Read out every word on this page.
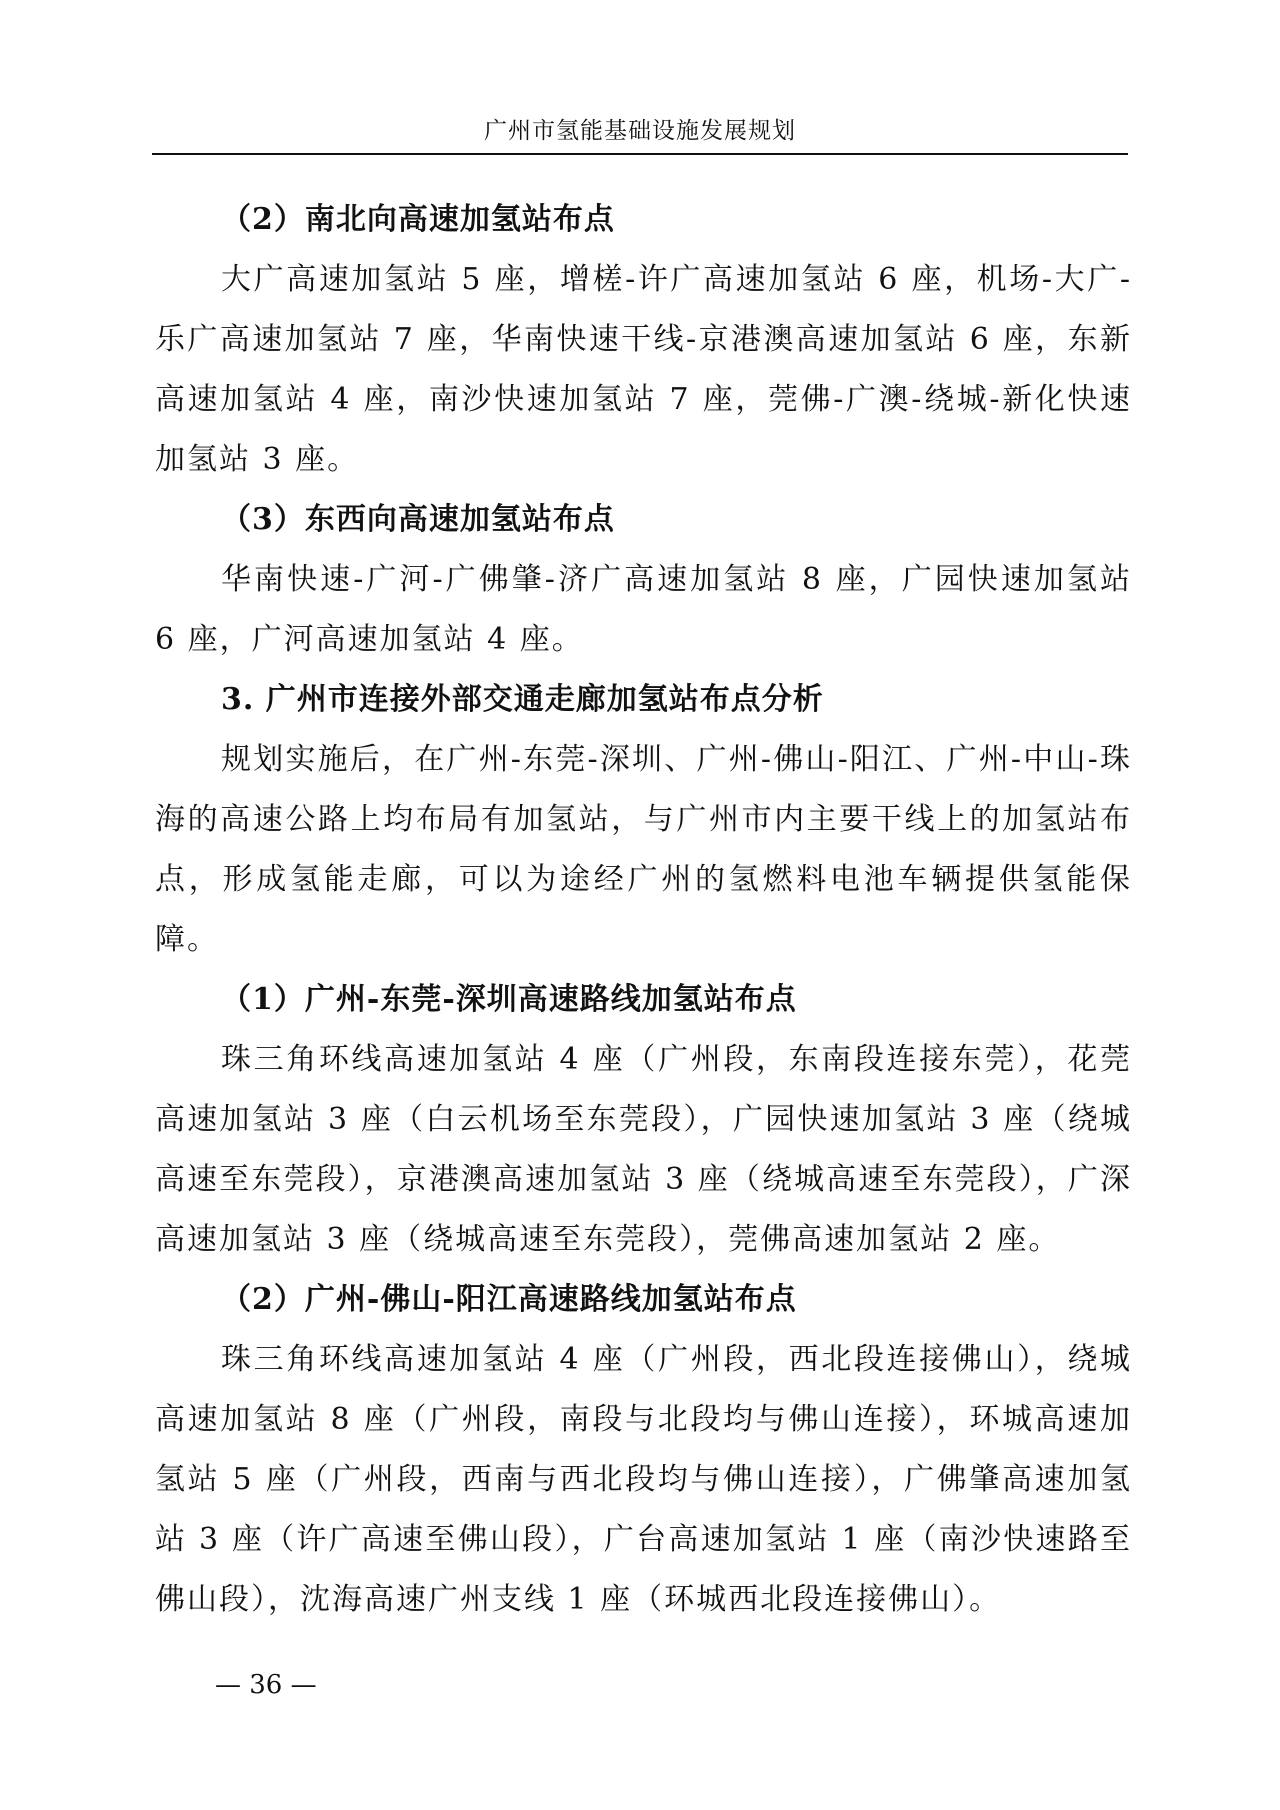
广州市氢能基础设施发展规划
（2）南北向高速加氢站布点

大广高速加氢站 5 座，增槎-许广高速加氢站 6 座，机场-大广-乐广高速加氢站 7 座，华南快速干线-京港澳高速加氢站 6 座，东新高速加氢站 4 座，南沙快速加氢站 7 座，莞佛-广澳-绕城-新化快速加氢站 3 座。

（3）东西向高速加氢站布点

华南快速-广河-广佛肇-济广高速加氢站 8 座，广园快速加氢站 6 座，广河高速加氢站 4 座。

3. 广州市连接外部交通走廊加氢站布点分析

规划实施后，在广州-东莞-深圳、广州-佛山-阳江、广州-中山-珠海的高速公路上均布局有加氢站，与广州市内主要干线上的加氢站布点，形成氢能走廊，可以为途经广州的氢燃料电池车辆提供氢能保障。

（1）广州-东莞-深圳高速路线加氢站布点

珠三角环线高速加氢站 4 座（广州段，东南段连接东莞），花莞高速加氢站 3 座（白云机场至东莞段），广园快速加氢站 3 座（绕城高速至东莞段），京港澳高速加氢站 3 座（绕城高速至东莞段），广深高速加氢站 3 座（绕城高速至东莞段），莞佛高速加氢站 2 座。

（2）广州-佛山-阳江高速路线加氢站布点

珠三角环线高速加氢站 4 座（广州段，西北段连接佛山），绕城高速加氢站 8 座（广州段，南段与北段均与佛山连接），环城高速加氢站 5 座（广州段，西南与西北段均与佛山连接），广佛肇高速加氢站 3 座（许广高速至佛山段），广台高速加氢站 1 座（南沙快速路至佛山段），沈海高速广州支线 1 座（环城西北段连接佛山）。

— 36 —
